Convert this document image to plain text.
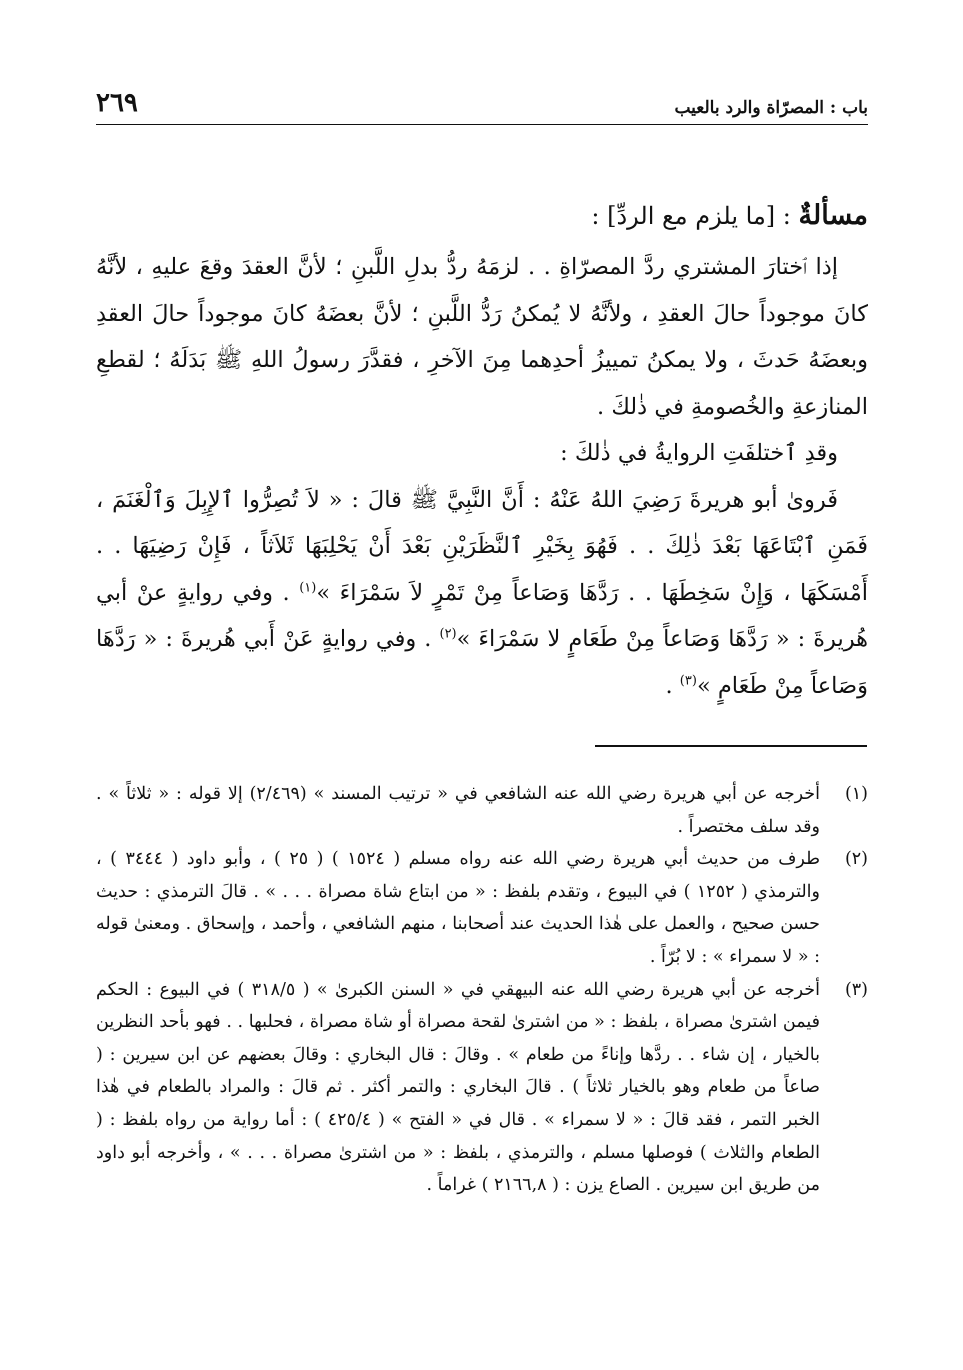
باب : المصرّاة والرد بالعيب
٢٦٩

مسألةٌ : [ما يلزم مع الردِّ] :

إذا ٱختارَ المشتري ردَّ المصرّاةِ . . لزمَهُ ردُّ بدلِ اللَّبنِ ؛ لأنَّ العقدَ وقعَ عليهِ ، لأنَّهُ كانَ موجوداً حالَ العقدِ ، ولأنَّهُ لا يُمكنُ رَدُّ اللَّبنِ ؛ لأنَّ بعضَهُ كانَ موجوداً حالَ العقدِ وبعضَهُ حَدثَ ، ولا يمكنُ تمييزُ أحدِهما مِنَ الآخرِ ، فقدَّرَ رسولُ اللهِ ﷺ بَدَلَهُ ؛ لقطعِ المنازعةِ والخُصومةِ في ذٰلكَ .

وقدِ ٱختلفَتِ الروايةُ في ذٰلكَ :

فَروىٰ أبو هريرةَ رَضِيَ اللهُ عَنْهُ : أَنَّ النَّبِيَّ ﷺ قالَ : « لاَ تُصِرُّوا ٱلإِبِلَ وَٱلْغَنَمَ ، فَمَنِ ٱبْتَاعَهَا بَعْدَ ذٰلِكَ . . فَهُوَ بِخَيْرِ ٱلنَّظَرَيْنِ بَعْدَ أَنْ يَحْلِبَهَا ثَلاَثاً ، فَإِنْ رَضِيَهَا . . أَمْسَكَهَا ، وَإِنْ سَخِطَهَا . . رَدَّهَا وَصَاعاً مِنْ تَمْرٍ لاَ سَمْرَاءَ »$^{(١)}$ . وفي روايةٍ عنْ أبي هُريرةَ : « رَدَّهَا وَصَاعاً مِنْ طَعَامٍ لا سَمْرَاءَ »$^{(٢)}$ . وفي روايةٍ عَنْ أَبي هُريرةَ : « رَدَّهَا وَصَاعاً مِنْ طَعَامٍ »$^{(٣)}$ .

(١)
أخرجه عن أبي هريرة رضي الله عنه الشافعي في « ترتيب المسند » (٢/٤٦٩) إلا قوله : « ثلاثاً » . وقد سلف مختصراً .
(٢)
طرف من حديث أبي هريرة رضي الله عنه رواه مسلم ( ١٥٢٤ ) ( ٢٥ ) ، وأبو داود ( ٣٤٤٤ ) ، والترمذي ( ١٢٥٢ ) في البيوع ، وتقدم بلفظ : « من ابتاع شاة مصراة . . . » . قالَ الترمذي : حديث حسن صحيح ، والعمل على هٰذا الحديث عند أصحابنا ، منهم الشافعي ، وأحمد ، وإسحاق . ومعنىٰ قوله : « لا سمراء » : لا بُرّاً .
(٣)
أخرجه عن أبي هريرة رضي الله عنه البيهقي في « السنن الكبرىٰ » ( ٣١٨/٥ ) في البيوع : الحكم فيمن اشترىٰ مصراة ، بلفظ : « من اشترىٰ لقحة مصراة أو شاة مصراة ، فحلبها . . فهو بأحد النظرين بالخيار ، إن شاء . . ردَّها وإناءً من طعام » . وقالَ : قال البخاري : وقالَ بعضهم عن ابن سيرين : ( صاعاً من طعام وهو بالخيار ثلاثاً ) . قالَ البخاري : والتمر أكثر . ثم قالَ : والمراد بالطعام في هٰذا الخبر التمر ، فقد قالَ : « لا سمراء » . قال في « الفتح » ( ٤٢٥/٤ ) : أما رواية من رواه بلفظ : ( الطعام والثلاث ) فوصلها مسلم ، والترمذي ، بلفظ : « من اشترىٰ مصراة . . . » ، وأخرجه أبو داود من طريق ابن سيرين . الصاع يزن : ( ٢١٦٦,٨ ) غراماً .
